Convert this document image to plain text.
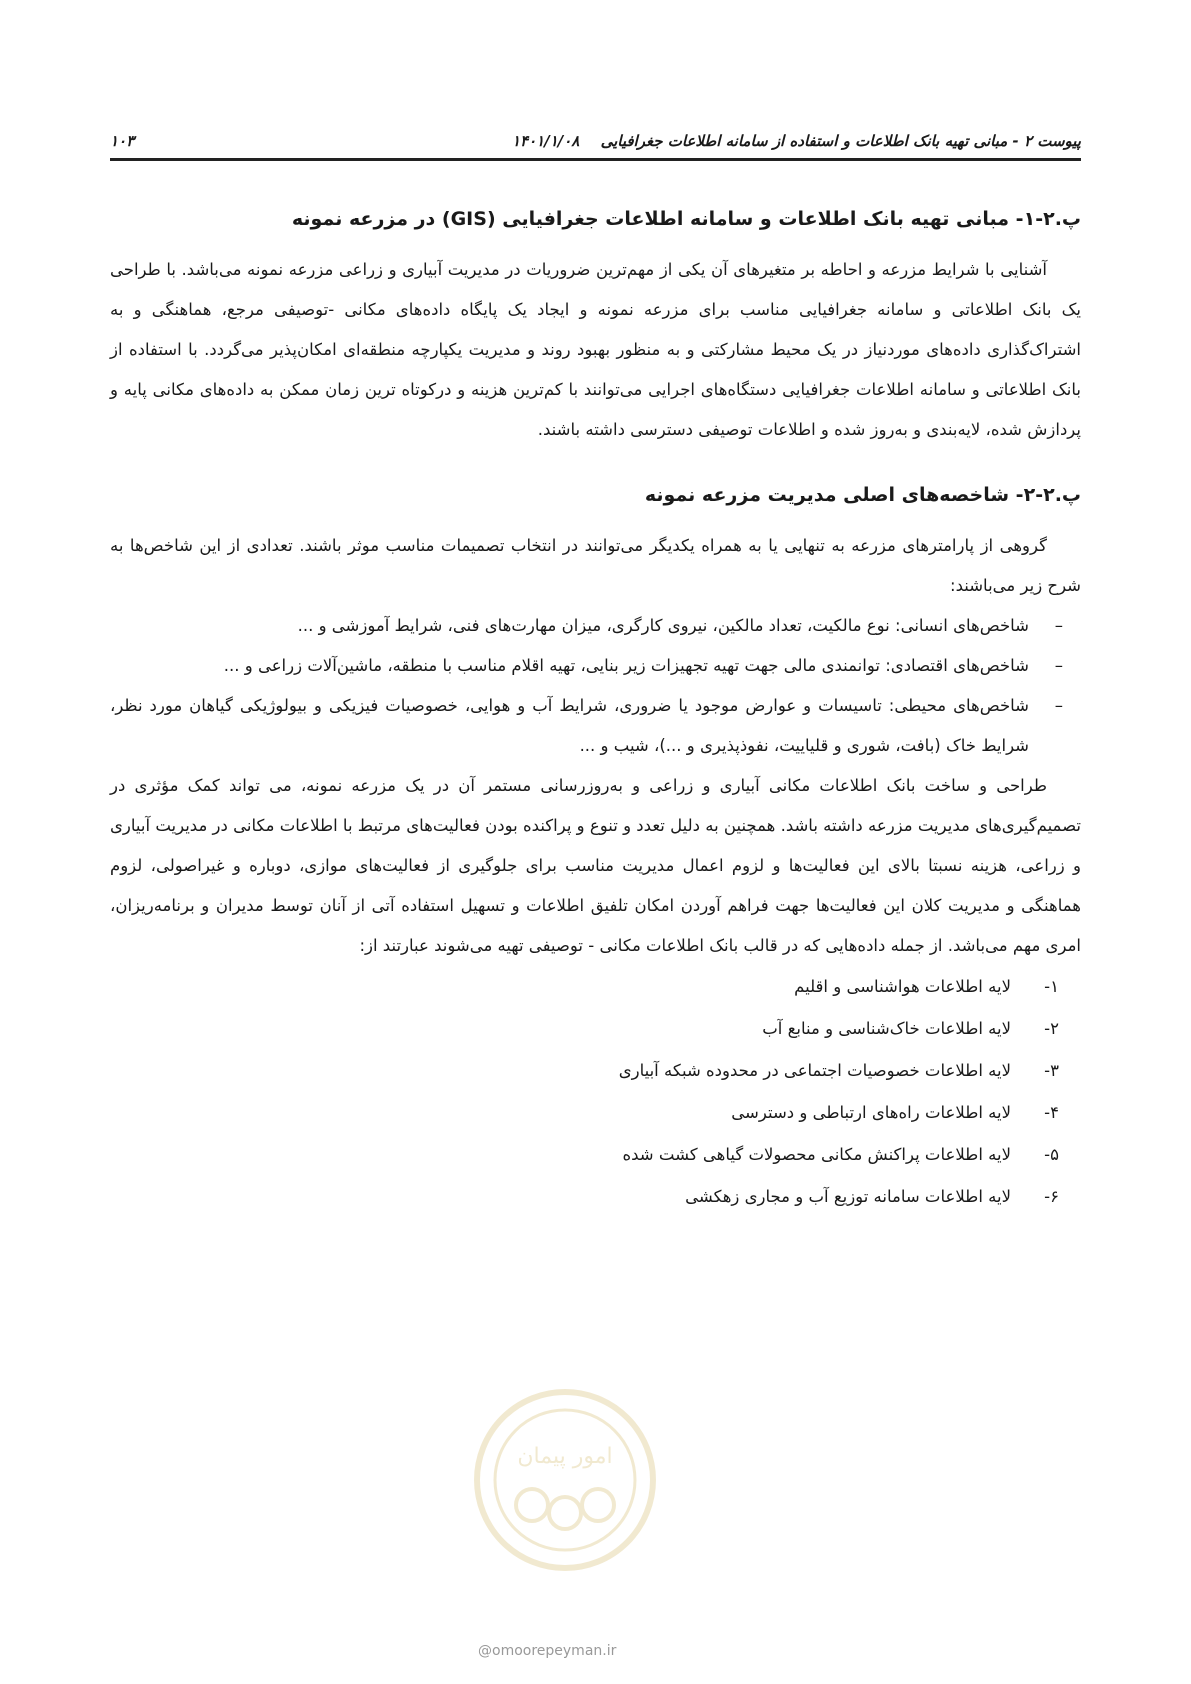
پیوست ۲ - مبانی تهیه بانک اطلاعات و استفاده از سامانه اطلاعات جغرافیایی ۱۴۰۱/۱/۰۸
۱۰۳
پ.۲-۱- مبانی تهیه بانک اطلاعات و سامانه اطلاعات جغرافیایی (GIS) در مزرعه نمونه

آشنایی با شرایط مزرعه و احاطه بر متغیرهای آن یکی از مهم‌ترین ضروریات در مدیریت آبیاری و زراعی مزرعه نمونه می‌باشد. با طراحی یک بانک اطلاعاتی و سامانه جغرافیایی مناسب برای مزرعه نمونه و ایجاد یک پایگاه داده‌های مکانی -توصیفی مرجع، هماهنگی و به اشتراک‌گذاری داده‌های موردنیاز در یک محیط مشارکتی و به منظور بهبود روند و مدیریت یکپارچه منطقه‌ای امکان‌پذیر می‌گردد. با استفاده از بانک اطلاعاتی و سامانه اطلاعات جغرافیایی دستگاه‌های اجرایی می‌توانند با کم‌ترین هزینه و درکوتاه ترین زمان ممکن به داده‌های مکانی پایه و پردازش شده، لایه‌بندی و به‌روز شده و اطلاعات توصیفی دسترسی داشته باشند.

پ.۲-۲- شاخصه‌های اصلی مدیریت مزرعه نمونه

گروهی از پارامترهای مزرعه به تنهایی یا به همراه یکدیگر می‌توانند در انتخاب تصمیمات مناسب موثر باشند. تعدادی از این شاخص‌ها به شرح زیر می‌باشند:

– شاخص‌های انسانی: نوع مالکیت، تعداد مالکین، نیروی کارگری، میزان مهارت‌های فنی، شرایط آموزشی و ...
– شاخص‌های اقتصادی: توانمندی مالی جهت تهیه تجهیزات زیر بنایی، تهیه اقلام مناسب با منطقه، ماشین‌آلات زراعی و ...
– شاخص‌های محیطی: تاسیسات و عوارض موجود یا ضروری، شرایط آب و هوایی، خصوصیات فیزیکی و بیولوژیکی گیاهان مورد نظر، شرایط خاک (بافت، شوری و قلیاییت، نفوذپذیری و ...)، شیب و ...

طراحی و ساخت بانک اطلاعات مکانی آبیاری و زراعی و به‌روزرسانی مستمر آن در یک مزرعه نمونه، می تواند کمک مؤثری در تصمیم‌گیری‌های مدیریت مزرعه داشته باشد. همچنین به دلیل تعدد و تنوع و پراکنده بودن فعالیت‌های مرتبط با اطلاعات مکانی در مدیریت آبیاری و زراعی، هزینه نسبتا بالای این فعالیت‌ها و لزوم اعمال مدیریت مناسب برای جلوگیری از فعالیت‌های موازی، دوباره و غیراصولی، لزوم هماهنگی و مدیریت کلان این فعالیت‌ها جهت فراهم آوردن امکان تلفیق اطلاعات و تسهیل استفاده آتی از آنان توسط مدیران و برنامه‌ریزان، امری مهم می‌باشد. از جمله داده‌هایی که در قالب بانک اطلاعات مکانی - توصیفی تهیه می‌شوند عبارتند از:

۱-
لایه اطلاعات هواشناسی و اقلیم
۲-
لایه اطلاعات خاک‌شناسی و منابع آب
۳-
لایه اطلاعات خصوصیات اجتماعی در محدوده شبکه آبیاری
۴-
لایه اطلاعات راه‌های ارتباطی و دسترسی
۵-
لایه اطلاعات پراکنش مکانی محصولات گیاهی کشت شده
۶-
لایه اطلاعات سامانه توزیع آب و مجاری زهکشی
امور پیمان
@omoorepeyman.ir
